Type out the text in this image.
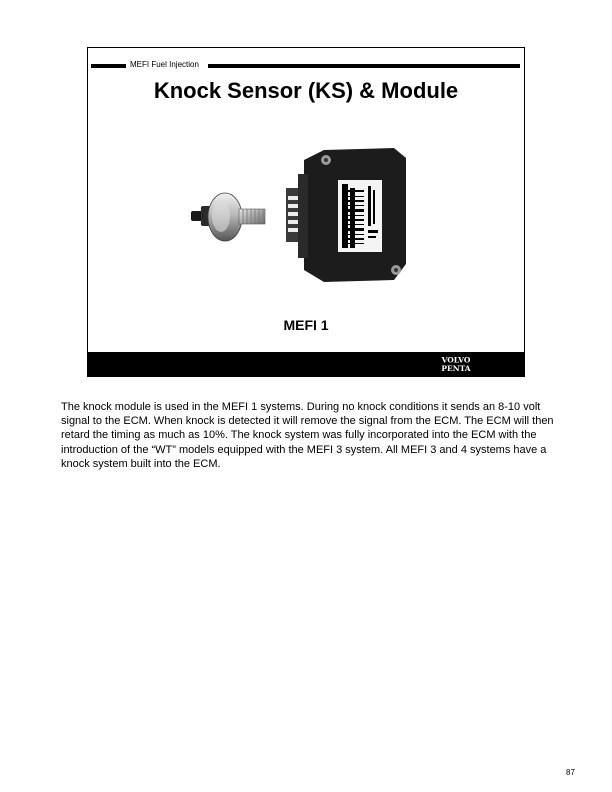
MEFI Fuel Injection
Knock Sensor (KS) & Module
MEFI 1
VOLVO
PENTA

The knock module is used in the MEFI 1 systems. During no knock conditions it sends an 8-10 volt signal to the ECM. When knock is detected it will remove the signal from the ECM. The ECM will then retard the timing as much as 10%. The knock system was fully incorporated into the ECM with the introduction of the “WT” models equipped with the MEFI 3 system. All MEFI 3 and 4 systems have a knock system built into the ECM.

87
